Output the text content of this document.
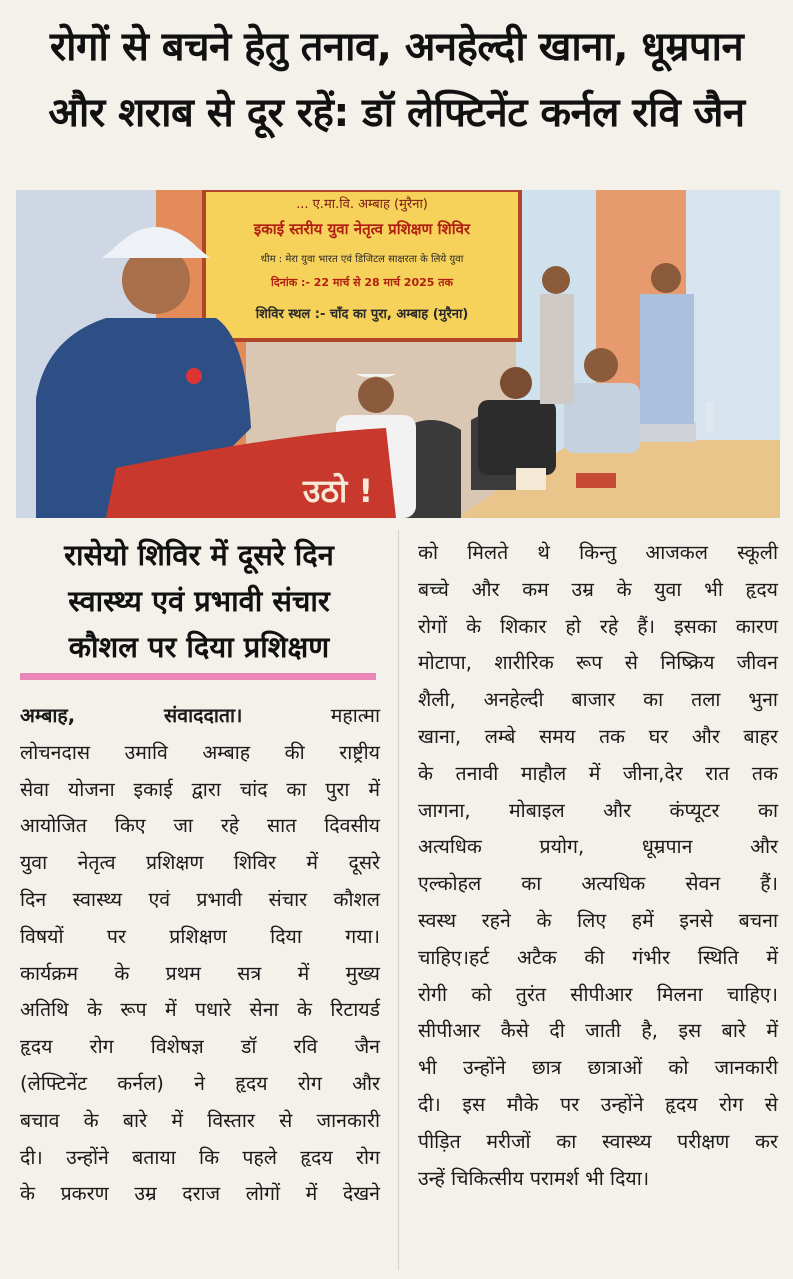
रोगों से बचने हेतु तनाव, अनहेल्दी खाना, धूम्रपान
और शराब से दूर रहें: डॉ लेफ्टिनेंट कर्नल रवि जैन
... ए.मा.वि. अम्बाह (मुरैना)
इकाई स्तरीय युवा नेतृत्व प्रशिक्षण शिविर
थीम : मेरा युवा भारत एवं डिजिटल साक्षरता के लिये युवा
दिनांक :- 22 मार्च से 28 मार्च 2025 तक
शिविर स्थल :- चाँद का पुरा, अम्बाह (मुरैना)
उठो !
रासेयो शिविर में दूसरे दिन
स्वास्थ्य एवं प्रभावी संचार
कौशल पर दिया प्रशिक्षण
अम्बाह, संवाददाता।	महात्मा
लोचनदास उमावि अम्बाह की राष्ट्रीय
सेवा योजना इकाई द्वारा चांद का पुरा में
आयोजित किए जा रहे सात दिवसीय
युवा नेतृत्व प्रशिक्षण शिविर में दूसरे
दिन स्वास्थ्य एवं प्रभावी संचार कौशल
विषयों पर प्रशिक्षण दिया गया।
कार्यक्रम के प्रथम सत्र में मुख्य
अतिथि के रूप में पधारे सेना के रिटायर्ड
हृदय रोग विशेषज्ञ डॉ रवि जैन
(लेफ्टिनेंट कर्नल) ने हृदय रोग और
बचाव के बारे में विस्तार से जानकारी
दी। उन्होंने बताया कि पहले हृदय रोग
के प्रकरण उम्र दराज लोगों में देखने
को मिलते थे किन्तु आजकल स्कूली
बच्चे और कम उम्र के युवा भी हृदय
रोगों के शिकार हो रहे हैं। इसका कारण
मोटापा, शारीरिक रूप से निष्क्रिय जीवन
शैली, अनहेल्दी बाजार का तला भुना
खाना, लम्बे समय तक घर और बाहर
के तनावी माहौल में जीना,देर रात तक
जागना, मोबाइल और कंप्यूटर का
अत्यधिक प्रयोग, धूम्रपान और
एल्कोहल का अत्यधिक सेवन हैं।
स्वस्थ रहने के लिए हमें इनसे बचना
चाहिए।हर्ट अटैक की गंभीर स्थिति में
रोगी को तुरंत सीपीआर मिलना चाहिए।
सीपीआर कैसे दी जाती है, इस बारे में
भी उन्होंने छात्र छात्राओं को जानकारी
दी। इस मौके पर उन्होंने हृदय रोग से
पीड़ित मरीजों का स्वास्थ्य परीक्षण कर
उन्हें चिकित्सीय परामर्श भी दिया।
